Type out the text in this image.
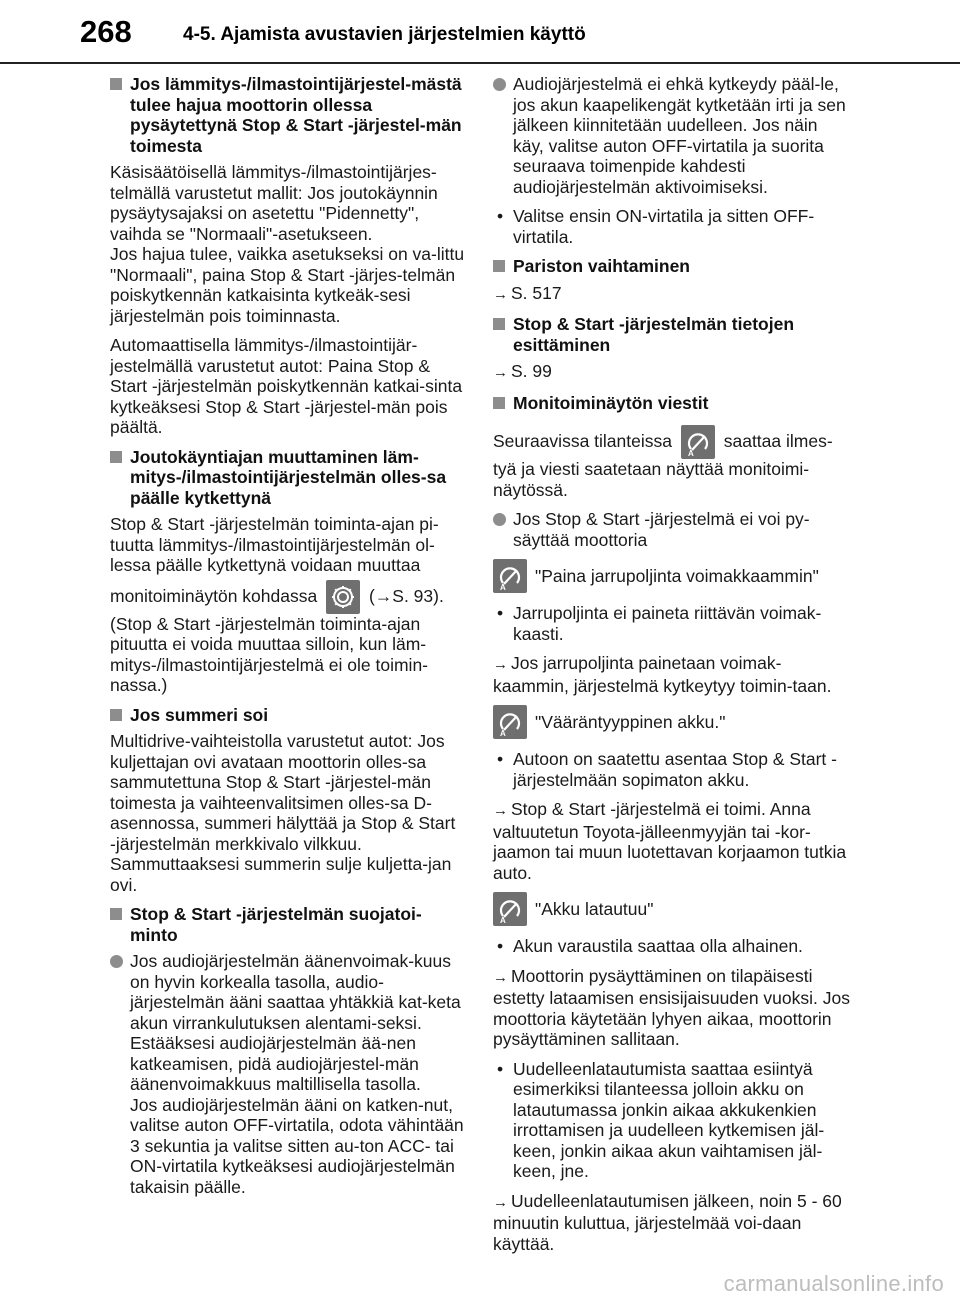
268	4-5. Ajamista avustavien järjestelmien käyttö
Jos lämmitys-/ilmastointijärjestel-mästä tulee hajua moottorin ollessa pysäytettynä Stop & Start -järjestel-män toimesta

Käsisäätöisellä lämmitys-/ilmastointijärjes-telmällä varustetut mallit: Jos joutokäynnin pysäytysajaksi on asetettu "Pidennetty", vaihda se "Normaali"-asetukseen.

Jos hajua tulee, vaikka asetukseksi on va-littu "Normaali", paina Stop & Start -järjes-telmän poiskytkennän katkaisinta kytkeäk-sesi järjestelmän pois toiminnasta.

Automaattisella lämmitys-/ilmastointijär-jestelmällä varustetut autot: Paina Stop & Start -järjestelmän poiskytkennän katkai-sinta kytkeäksesi Stop & Start -järjestel-män pois päältä.

Joutokäyntiajan muuttaminen läm-mitys-/ilmastointijärjestelmän olles-sa päälle kytkettynä

Stop & Start -järjestelmän toiminta-ajan pi-tuutta lämmitys-/ilmastointijärjestelmän ol-lessa päälle kytkettynä voidaan muuttaa

monitoiminäytön kohdassa	(→S. 93).

(Stop & Start -järjestelmän toiminta-ajan pituutta ei voida muuttaa silloin, kun läm-mitys-/ilmastointijärjestelmä ei ole toimin-nassa.)

Jos summeri soi

Multidrive-vaihteistolla varustetut autot: Jos kuljettajan ovi avataan moottorin olles-sa sammutettuna Stop & Start -järjestel-män toimesta ja vaihteenvalitsimen olles-sa D-asennossa, summeri hälyttää ja Stop & Start -järjestelmän merkkivalo vilkkuu. Sammuttaaksesi summerin sulje kuljetta-jan ovi.

Stop & Start -järjestelmän suojatoi-minto
Jos audiojärjestelmän äänenvoimak-kuus on hyvin korkealla tasolla, audio-järjestelmän ääni saattaa yhtäkkiä kat-keta akun virrankulutuksen alentami-seksi. Estääksesi audiojärjestelmän ää-nen katkeamisen, pidä audiojärjestel-män äänenvoimakkuus maltillisella tasolla.
Jos audiojärjestelmän ääni on katken-nut, valitse auton OFF-virtatila, odota vähintään 3 sekuntia ja valitse sitten au-ton ACC- tai ON-virtatila kytkeäksesi audiojärjestelmän takaisin päälle.
Audiojärjestelmä ei ehkä kytkeydy pääl-le, jos akun kaapelikengät kytketään irti ja sen jälkeen kiinnitetään uudelleen. Jos näin käy, valitse auton OFF-virtatila ja suorita seuraava toimenpide kahdesti audiojärjestelmän aktivoimiseksi.
• Valitse ensin ON-virtatila ja sitten OFF-virtatila.
Pariston vaihtaminen
→ S. 517
Stop & Start -järjestelmän tietojen esittäminen
→ S. 99
Monitoiminäytön viestit
Seuraavissa tilanteissa
A
saattaa ilmes-

tyä ja viesti saatetaan näyttää monitoimi-näytössä.

Jos Stop & Start -järjestelmä ei voi py-säyttää moottoria
A
"Paina jarrupoljinta voimakkaammin"
• Jarrupoljinta ei paineta riittävän voimak-kaasti.
→ Jos jarrupoljinta painetaan voimak-kaammin, järjestelmä kytkeytyy toimin-taan.
A
"Vääräntyyppinen akku."
• Autoon on saatettu asentaa Stop & Start -järjestelmään sopimaton akku.
→ Stop & Start -järjestelmä ei toimi. Anna valtuutetun Toyota-jälleenmyyjän tai -kor-jaamon tai muun luotettavan korjaamon tutkia auto.
A
"Akku latautuu"
• Akun varaustila saattaa olla alhainen.
→ Moottorin pysäyttäminen on tilapäisesti estetty lataamisen ensisijaisuuden vuoksi. Jos moottoria käytetään lyhyen aikaa, moottorin pysäyttäminen sallitaan.
• Uudelleenlatautumista saattaa esiintyä esimerkiksi tilanteessa jolloin akku on latautumassa jonkin aikaa akkukenkien irrottamisen ja uudelleen kytkemisen jäl-keen, jonkin aikaa akun vaihtamisen jäl-keen, jne.
→ Uudelleenlatautumisen jälkeen, noin 5 - 60 minuutin kuluttua, järjestelmää voi-daan käyttää.
carmanualsonline.info
